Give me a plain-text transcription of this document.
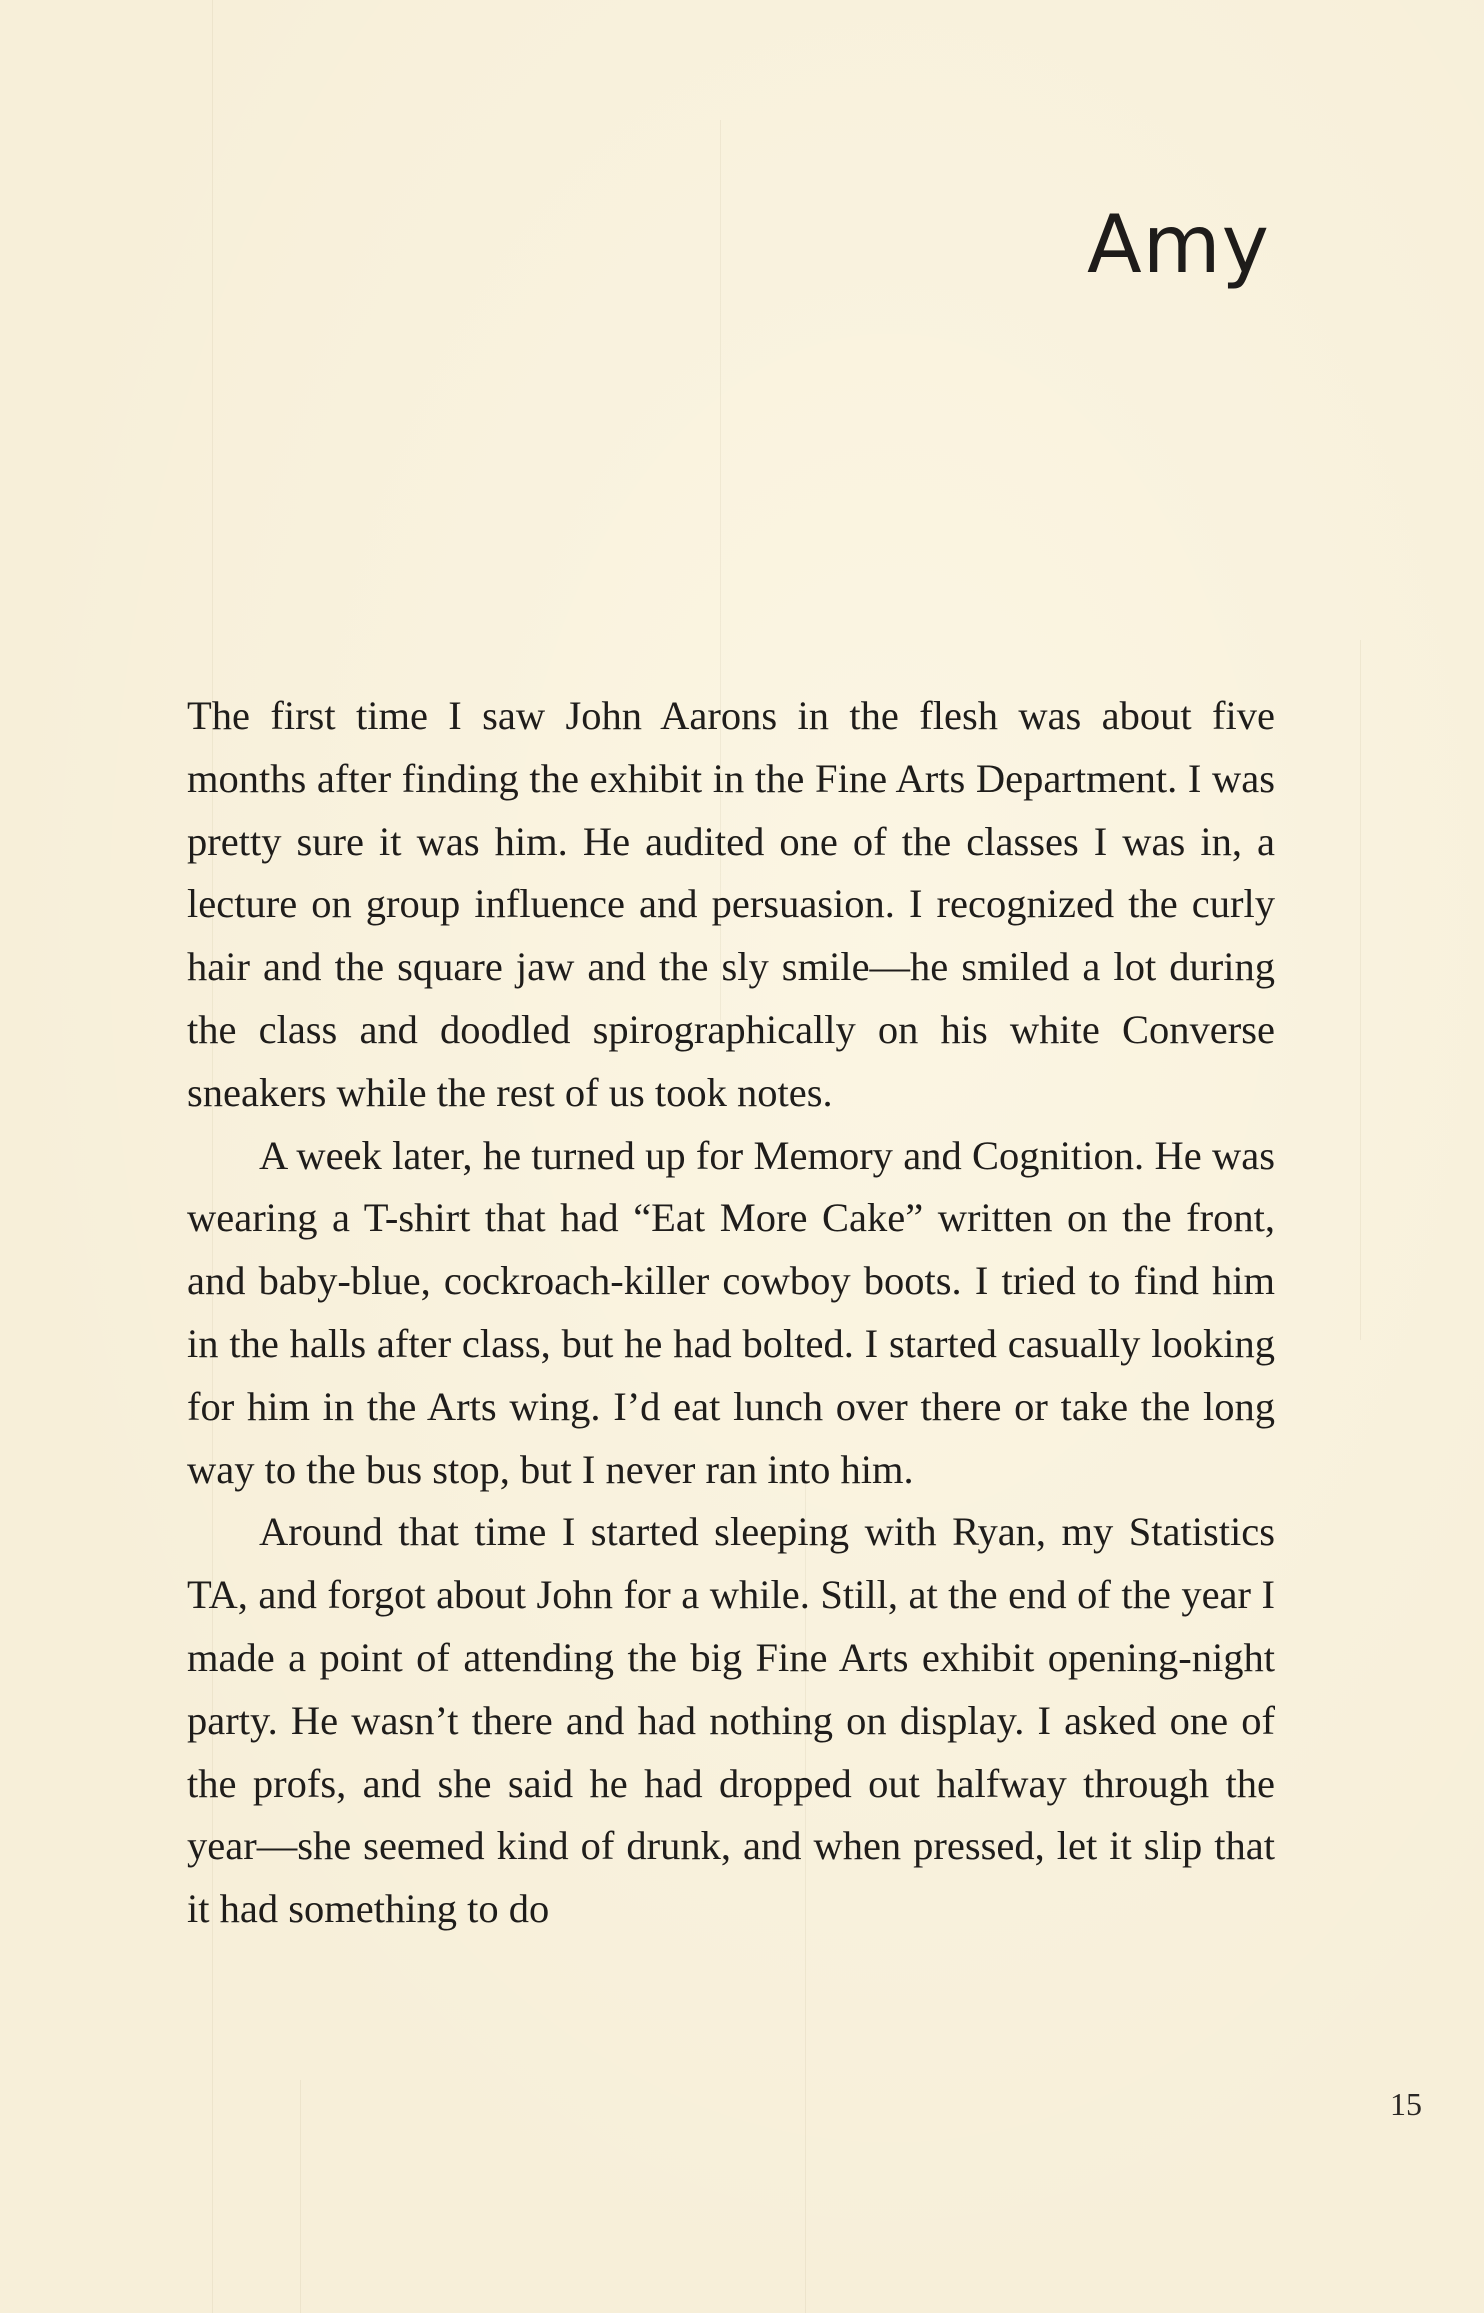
Amy

The first time I saw John Aarons in the flesh was about five months after finding the exhibit in the Fine Arts Department. I was pretty sure it was him. He audited one of the classes I was in, a lecture on group influence and persuasion. I recognized the curly hair and the square jaw and the sly smile—he smiled a lot during the class and doodled spirographically on his white Converse sneakers while the rest of us took notes.

A week later, he turned up for Memory and Cognition. He was wearing a T-shirt that had “Eat More Cake” written on the front, and baby-blue, cockroach-killer cowboy boots. I tried to find him in the halls after class, but he had bolted. I started casually looking for him in the Arts wing. I’d eat lunch over there or take the long way to the bus stop, but I never ran into him.

Around that time I started sleeping with Ryan, my Statistics TA, and forgot about John for a while. Still, at the end of the year I made a point of attending the big Fine Arts exhibit opening-night party. He wasn’t there and had nothing on display. I asked one of the profs, and she said he had dropped out halfway through the year—she seemed kind of drunk, and when pressed, let it slip that it had something to do

15
